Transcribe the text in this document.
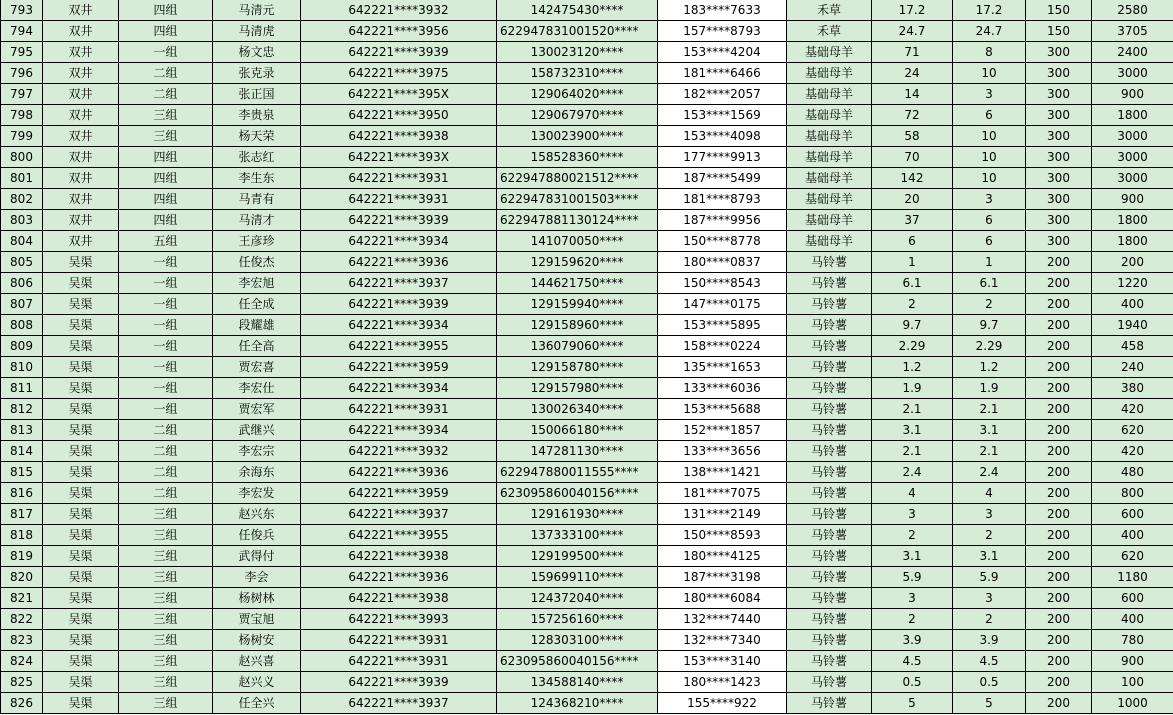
793	双井	四组	马清元	642221****3932	142475430****	183****7633	禾草	17.2	17.2	150	2580
794	双井	四组	马清虎	642221****3956	622947831001520****	157****8793	禾草	24.7	24.7	150	3705
795	双井	一组	杨文忠	642221****3939	130023120****	153****4204	基础母羊	71	8	300	2400
796	双井	二组	张克录	642221****3975	158732310****	181****6466	基础母羊	24	10	300	3000
797	双井	二组	张正国	642221****395X	129064020****	182****2057	基础母羊	14	3	300	900
798	双井	三组	李贵泉	642221****3950	129067970****	153****1569	基础母羊	72	6	300	1800
799	双井	三组	杨天荣	642221****3938	130023900****	153****4098	基础母羊	58	10	300	3000
800	双井	四组	张志红	642221****393X	158528360****	177****9913	基础母羊	70	10	300	3000
801	双井	四组	李生东	642221****3931	622947880021512****	187****5499	基础母羊	142	10	300	3000
802	双井	四组	马青有	642221****3931	622947831001503****	181****8793	基础母羊	20	3	300	900
803	双井	四组	马清才	642221****3939	622947881130124****	187****9956	基础母羊	37	6	300	1800
804	双井	五组	王彦珍	642221****3934	141070050****	150****8778	基础母羊	6	6	300	1800
805	吴渠	一组	任俊杰	642221****3936	129159620****	180****0837	马铃薯	1	1	200	200
806	吴渠	一组	李宏旭	642221****3937	144621750****	150****8543	马铃薯	6.1	6.1	200	1220
807	吴渠	一组	任全成	642221****3939	129159940****	147****0175	马铃薯	2	2	200	400
808	吴渠	一组	段耀雄	642221****3934	129158960****	153****5895	马铃薯	9.7	9.7	200	1940
809	吴渠	一组	任全高	642221****3955	136079060****	158****0224	马铃薯	2.29	2.29	200	458
810	吴渠	一组	贾宏喜	642221****3959	129158780****	135****1653	马铃薯	1.2	1.2	200	240
811	吴渠	一组	李宏仕	642221****3934	129157980****	133****6036	马铃薯	1.9	1.9	200	380
812	吴渠	一组	贾宏军	642221****3931	130026340****	153****5688	马铃薯	2.1	2.1	200	420
813	吴渠	二组	武继兴	642221****3934	150066180****	152****1857	马铃薯	3.1	3.1	200	620
814	吴渠	二组	李宏宗	642221****3932	147281130****	133****3656	马铃薯	2.1	2.1	200	420
815	吴渠	二组	余海东	642221****3936	622947880011555****	138****1421	马铃薯	2.4	2.4	200	480
816	吴渠	二组	李宏发	642221****3959	623095860040156****	181****7075	马铃薯	4	4	200	800
817	吴渠	三组	赵兴东	642221****3937	129161930****	131****2149	马铃薯	3	3	200	600
818	吴渠	三组	任俊兵	642221****3955	137333100****	150****8593	马铃薯	2	2	200	400
819	吴渠	三组	武得付	642221****3938	129199500****	180****4125	马铃薯	3.1	3.1	200	620
820	吴渠	三组	李会	642221****3936	159699110****	187****3198	马铃薯	5.9	5.9	200	1180
821	吴渠	三组	杨树林	642221****3938	124372040****	180****6084	马铃薯	3	3	200	600
822	吴渠	三组	贾宝旭	642221****3993	157256160****	132****7440	马铃薯	2	2	200	400
823	吴渠	三组	杨树安	642221****3931	128303100****	132****7340	马铃薯	3.9	3.9	200	780
824	吴渠	三组	赵兴喜	642221****3931	623095860040156****	153****3140	马铃薯	4.5	4.5	200	900
825	吴渠	三组	赵兴义	642221****3939	134588140****	180****1423	马铃薯	0.5	0.5	200	100
826	吴渠	三组	任全兴	642221****3937	124368210****	155****922	马铃薯	5	5	200	1000
